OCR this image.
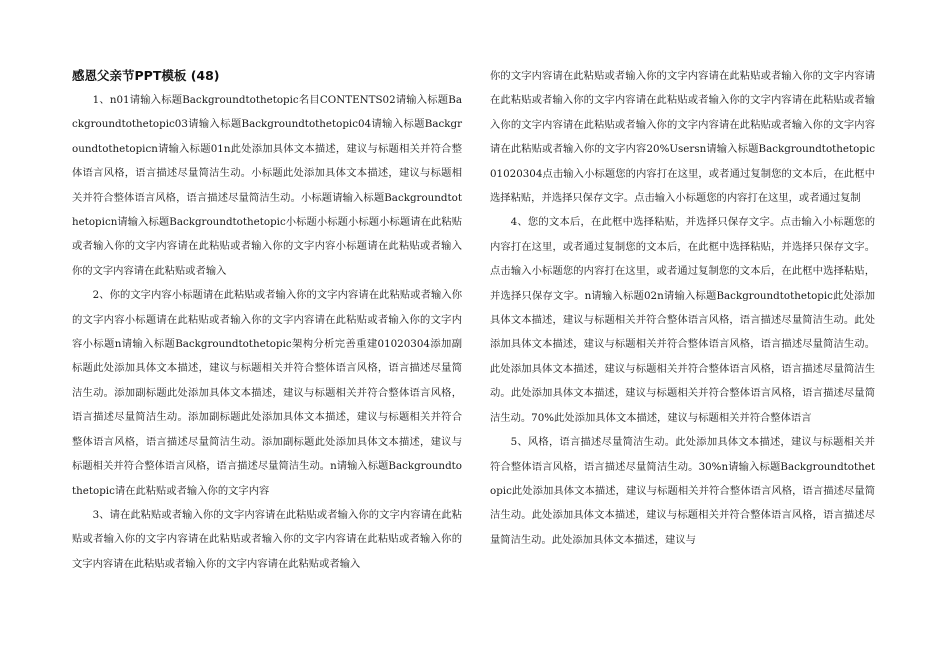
感恩父亲节PPT模板 (48)

1、n01请输入标题Backgroundtothetopic名目CONTENTS02请输入标题Backgroundtothetopic03请输入标题Backgroundtothetopic04请输入标题Backgroundtothetopicn请输入标题01n此处添加具体文本描述，建议与标题相关并符合整体语言风格，语言描述尽量简洁生动。小标题此处添加具体文本描述，建议与标题相关并符合整体语言风格，语言描述尽量简洁生动。小标题请输入标题Backgroundtothetopicn请输入标题Backgroundtothetopic小标题小标题小标题小标题请在此粘贴或者输入你的文字内容请在此粘贴或者输入你的文字内容小标题请在此粘贴或者输入你的文字内容请在此粘贴或者输入

2、你的文字内容小标题请在此粘贴或者输入你的文字内容请在此粘贴或者输入你的文字内容小标题请在此粘贴或者输入你的文字内容请在此粘贴或者输入你的文字内容小标题n请输入标题Backgroundtothetopic架构分析完善重建01020304添加副标题此处添加具体文本描述，建议与标题相关并符合整体语言风格，语言描述尽量简洁生动。添加副标题此处添加具体文本描述，建议与标题相关并符合整体语言风格，语言描述尽量简洁生动。添加副标题此处添加具体文本描述，建议与标题相关并符合整体语言风格，语言描述尽量简洁生动。添加副标题此处添加具体文本描述，建议与标题相关并符合整体语言风格，语言描述尽量简洁生动。n请输入标题Backgroundtothetopic请在此粘贴或者输入你的文字内容

3、请在此粘贴或者输入你的文字内容请在此粘贴或者输入你的文字内容请在此粘贴或者输入你的文字内容请在此粘贴或者输入你的文字内容请在此粘贴或者输入你的文字内容请在此粘贴或者输入你的文字内容请在此粘贴或者输入

你的文字内容请在此粘贴或者输入你的文字内容请在此粘贴或者输入你的文字内容请在此粘贴或者输入你的文字内容请在此粘贴或者输入你的文字内容请在此粘贴或者输入你的文字内容请在此粘贴或者输入你的文字内容请在此粘贴或者输入你的文字内容请在此粘贴或者输入你的文字内容20%Usersn请输入标题Backgroundtothetopic01020304点击输入小标题您的内容打在这里，或者通过复制您的文本后，在此框中选择粘贴，并选择只保存文字。点击输入小标题您的内容打在这里，或者通过复制

4、您的文本后，在此框中选择粘贴，并选择只保存文字。点击输入小标题您的内容打在这里，或者通过复制您的文本后，在此框中选择粘贴，并选择只保存文字。点击输入小标题您的内容打在这里，或者通过复制您的文本后，在此框中选择粘贴，并选择只保存文字。n请输入标题02n请输入标题Backgroundtothetopic此处添加具体文本描述，建议与标题相关并符合整体语言风格，语言描述尽量简洁生动。此处添加具体文本描述，建议与标题相关并符合整体语言风格，语言描述尽量简洁生动。此处添加具体文本描述，建议与标题相关并符合整体语言风格，语言描述尽量简洁生动。此处添加具体文本描述，建议与标题相关并符合整体语言风格，语言描述尽量简洁生动。70%此处添加具体文本描述，建议与标题相关并符合整体语言

5、风格，语言描述尽量简洁生动。此处添加具体文本描述，建议与标题相关并符合整体语言风格，语言描述尽量简洁生动。30%n请输入标题Backgroundtothetopic此处添加具体文本描述，建议与标题相关并符合整体语言风格，语言描述尽量简洁生动。此处添加具体文本描述，建议与标题相关并符合整体语言风格，语言描述尽量简洁生动。此处添加具体文本描述，建议与
